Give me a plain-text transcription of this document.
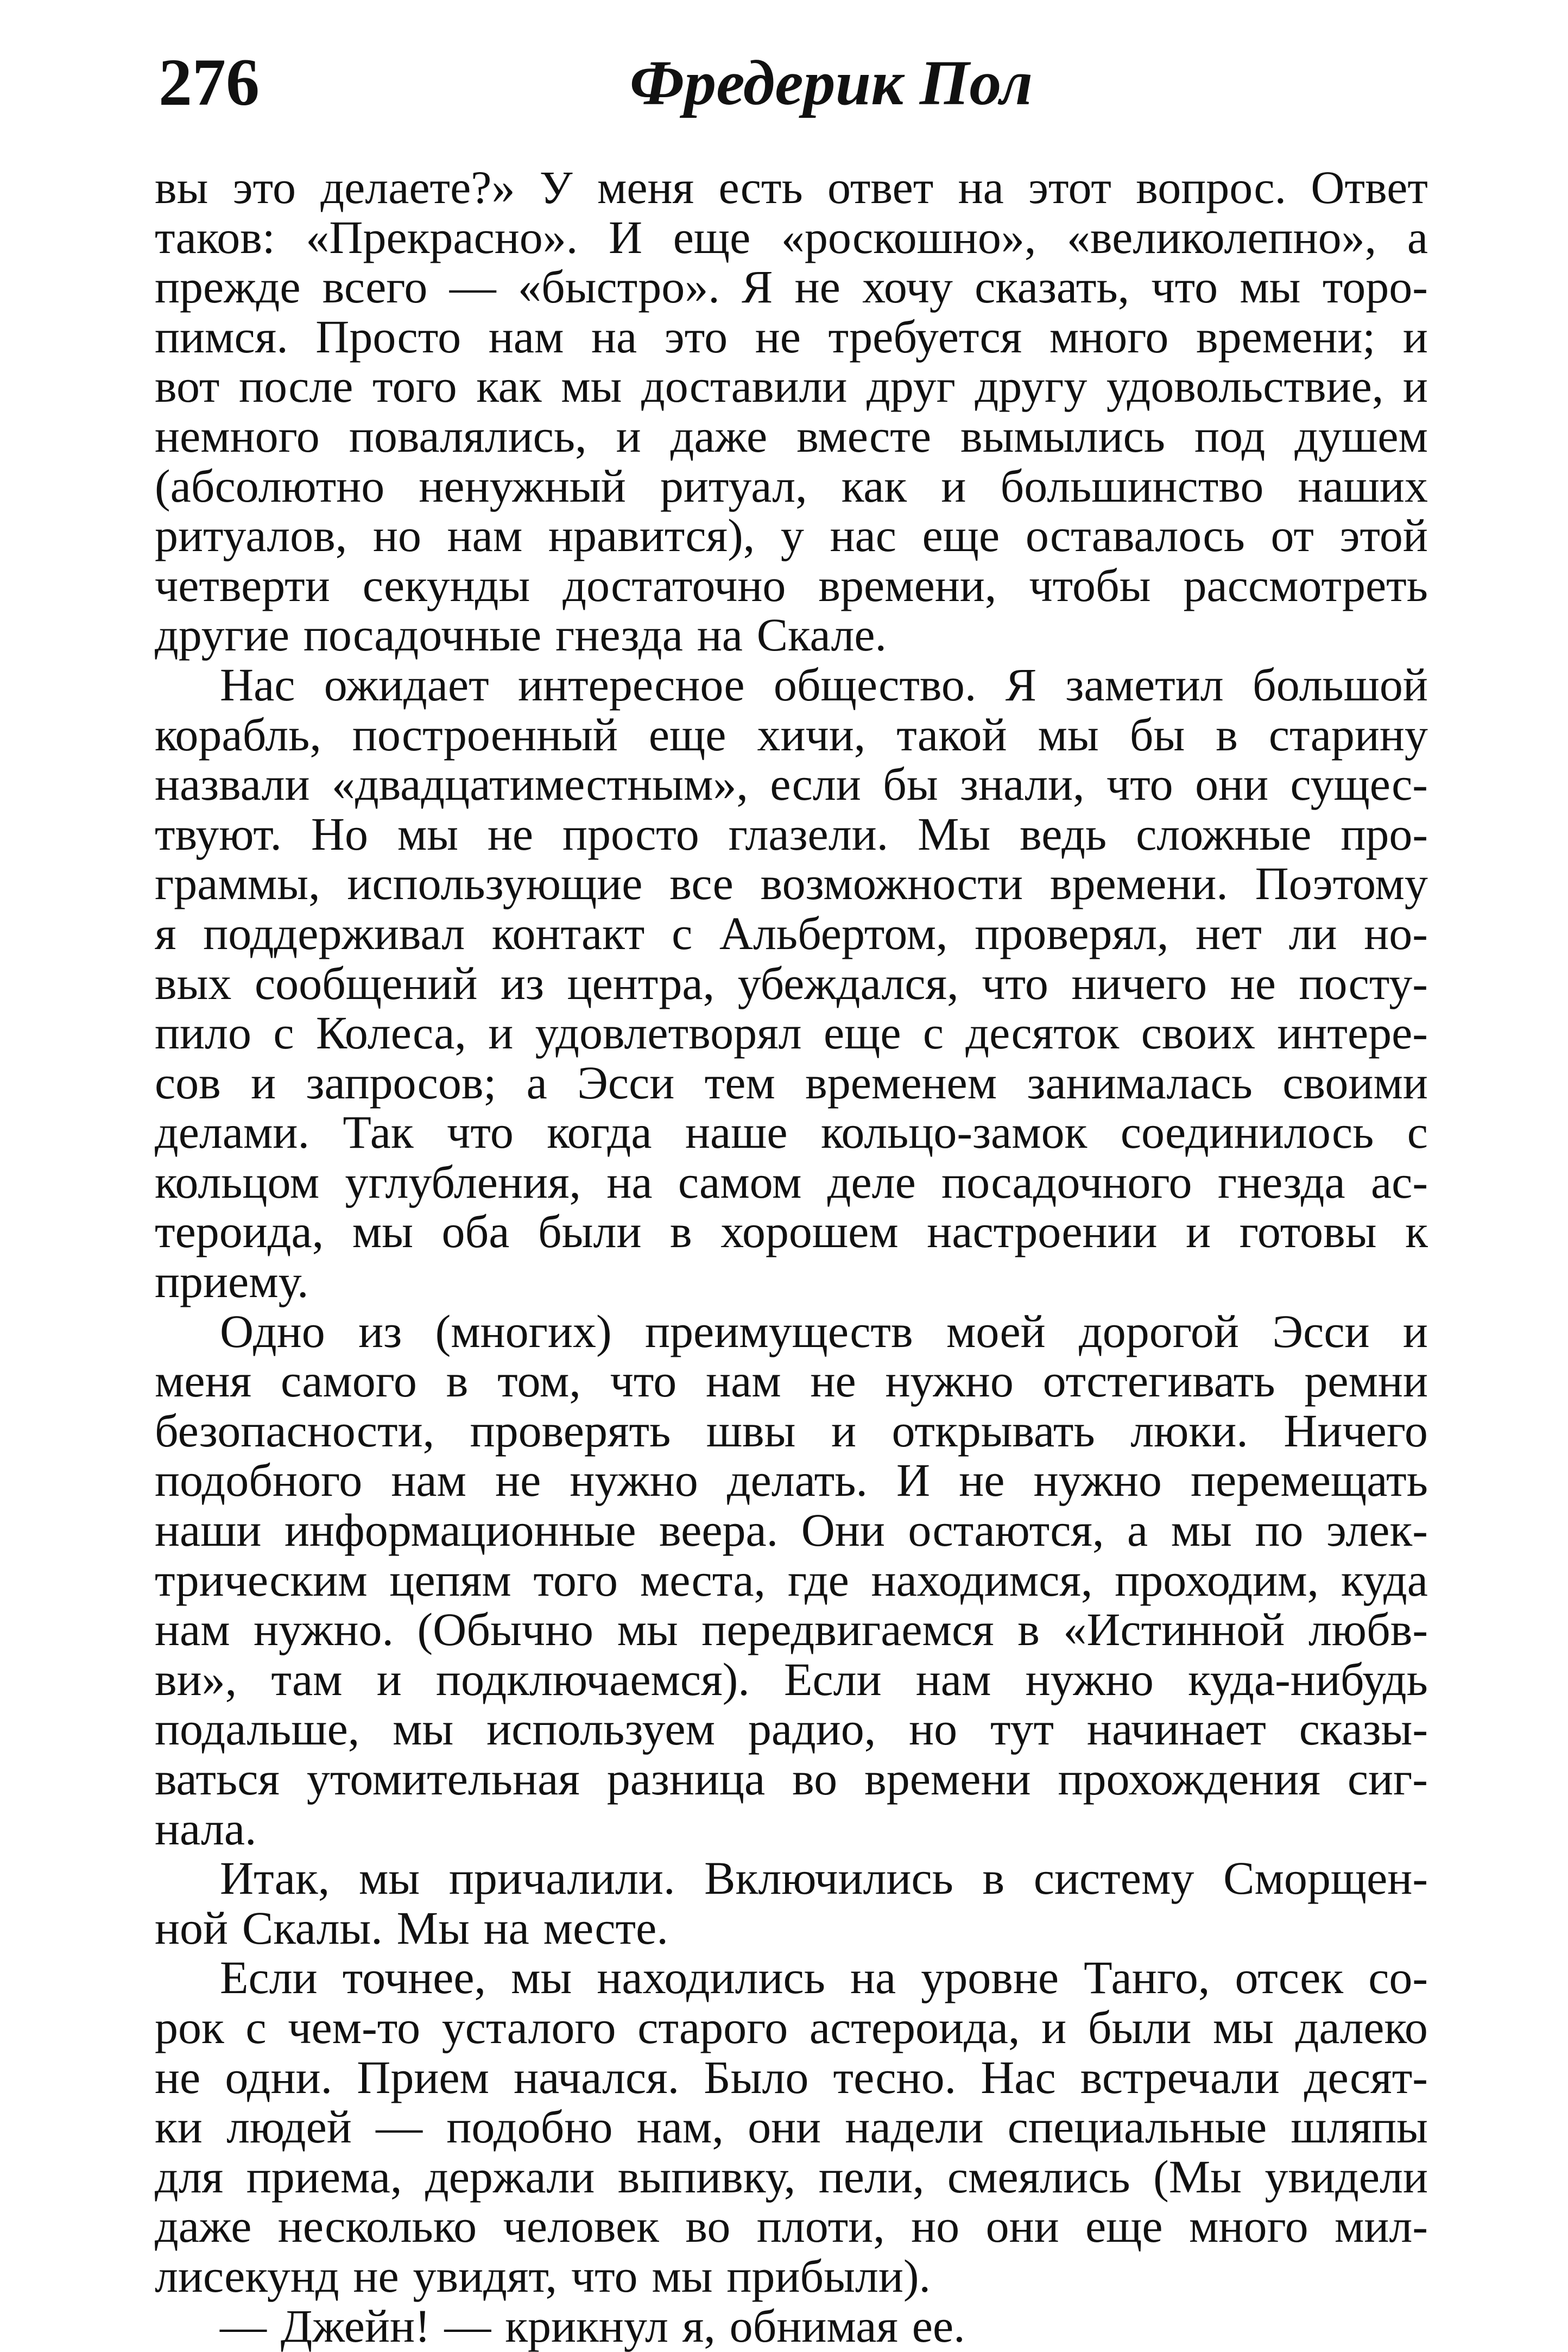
276	Фредерик Пол
вы это делаете?» У меня есть ответ на этот вопрос. Ответ
таков: «Прекрасно». И еще «роскошно», «великолепно», а
прежде всего — «быстро». Я не хочу сказать, что мы торо-
пимся. Просто нам на это не требуется много времени; и
вот после того как мы доставили друг другу удовольствие, и
немного повалялись, и даже вместе вымылись под душем
(абсолютно ненужный ритуал, как и большинство наших
ритуалов, но нам нравится), у нас еще оставалось от этой
четверти секунды достаточно времени, чтобы рассмотреть
другие посадочные гнезда на Скале.
Нас ожидает интересное общество. Я заметил большой
корабль, построенный еще хичи, такой мы бы в старину
назвали «двадцатиместным», если бы знали, что они сущес-
твуют. Но мы не просто глазели. Мы ведь сложные про-
граммы, использующие все возможности времени. Поэтому
я поддерживал контакт с Альбертом, проверял, нет ли но-
вых сообщений из центра, убеждался, что ничего не посту-
пило с Колеса, и удовлетворял еще с десяток своих интере-
сов и запросов; а Эсси тем временем занималась своими
делами. Так что когда наше кольцо-замок соединилось с
кольцом углубления, на самом деле посадочного гнезда ас-
тероида, мы оба были в хорошем настроении и готовы к
приему.
Одно из (многих) преимуществ моей дорогой Эсси и
меня самого в том, что нам не нужно отстегивать ремни
безопасности, проверять швы и открывать люки. Ничего
подобного нам не нужно делать. И не нужно перемещать
наши информационные веера. Они остаются, а мы по элек-
трическим цепям того места, где находимся, проходим, куда
нам нужно. (Обычно мы передвигаемся в «Истинной любв-
ви», там и подключаемся). Если нам нужно куда-нибудь
подальше, мы используем радио, но тут начинает сказы-
ваться утомительная разница во времени прохождения сиг-
нала.
Итак, мы причалили. Включились в систему Сморщен-
ной Скалы. Мы на месте.
Если точнее, мы находились на уровне Танго, отсек со-
рок с чем-то усталого старого астероида, и были мы далеко
не одни. Прием начался. Было тесно. Нас встречали десят-
ки людей — подобно нам, они надели специальные шляпы
для приема, держали выпивку, пели, смеялись (Мы увидели
даже несколько человек во плоти, но они еще много мил-
лисекунд не увидят, что мы прибыли).
— Джейн! — крикнул я, обнимая ее.
